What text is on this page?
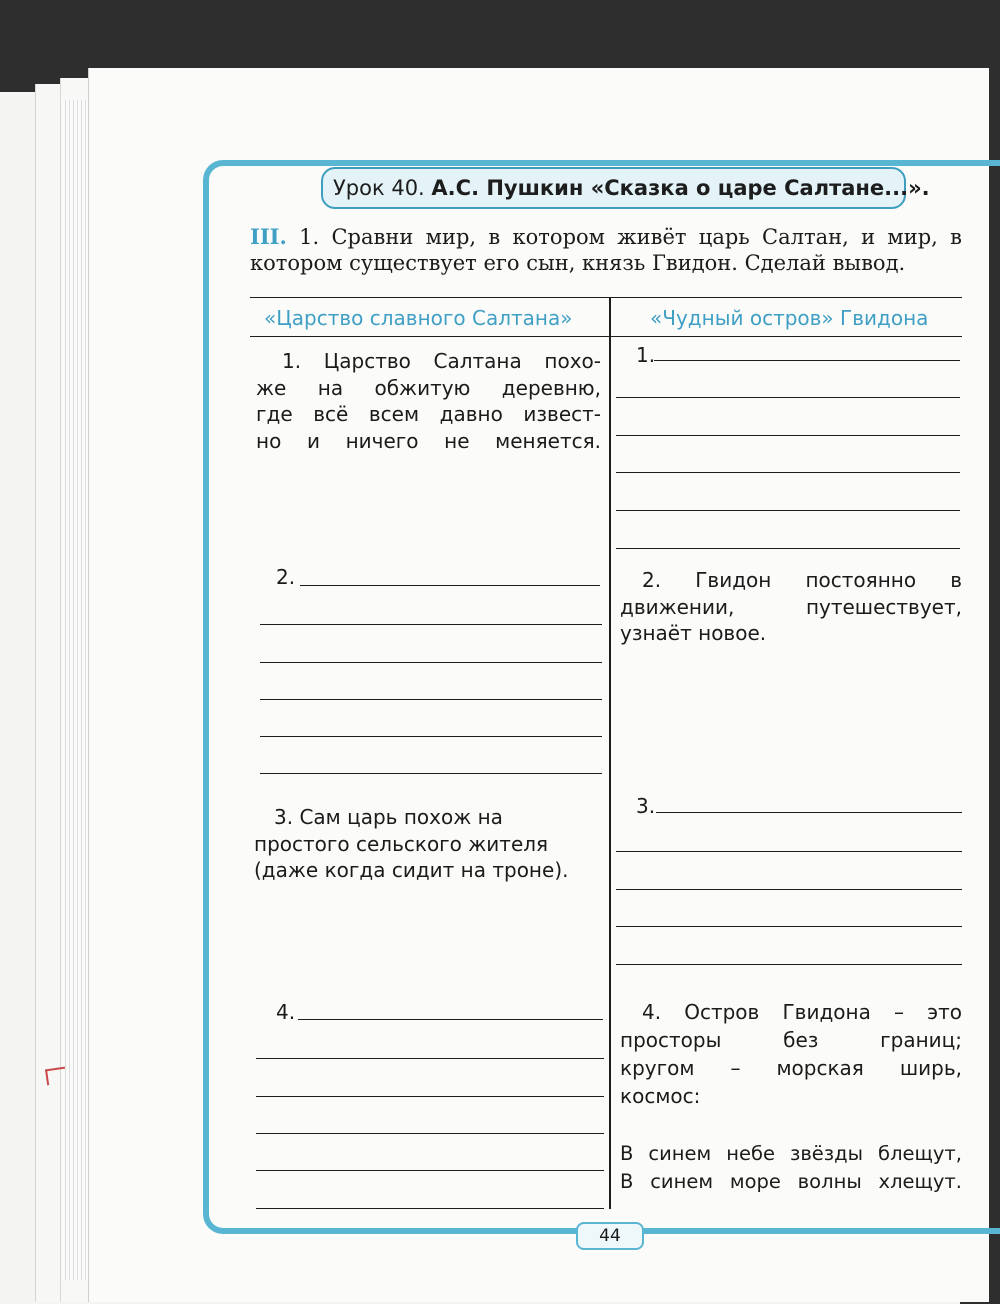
Урок 40.
А.С. Пушкин «Сказка о царе Салтане...».
III. 1. Сравни мир, в котором живёт царь Салтан, и мир, в котором существует его сын, князь Гвидон. Сделай вывод.
«Царство славного Салтана»	«Чудный остров» Гвидона
1. Царство Салтана похо-
же на обжитую деревню,
где всё всем давно извест-
но и ничего не меняется.
2.
3. Сам царь похож на
простого сельского жителя
(даже когда сидит на троне).
4.
1.
2. Гвидон постоянно в
движении, путешествует,
узнаёт новое.
3.
4. Остров Гвидона – это
просторы без границ;
кругом – морская ширь,
космос:
В синем небе звёзды блещут,
В синем море волны хлещут.
44
